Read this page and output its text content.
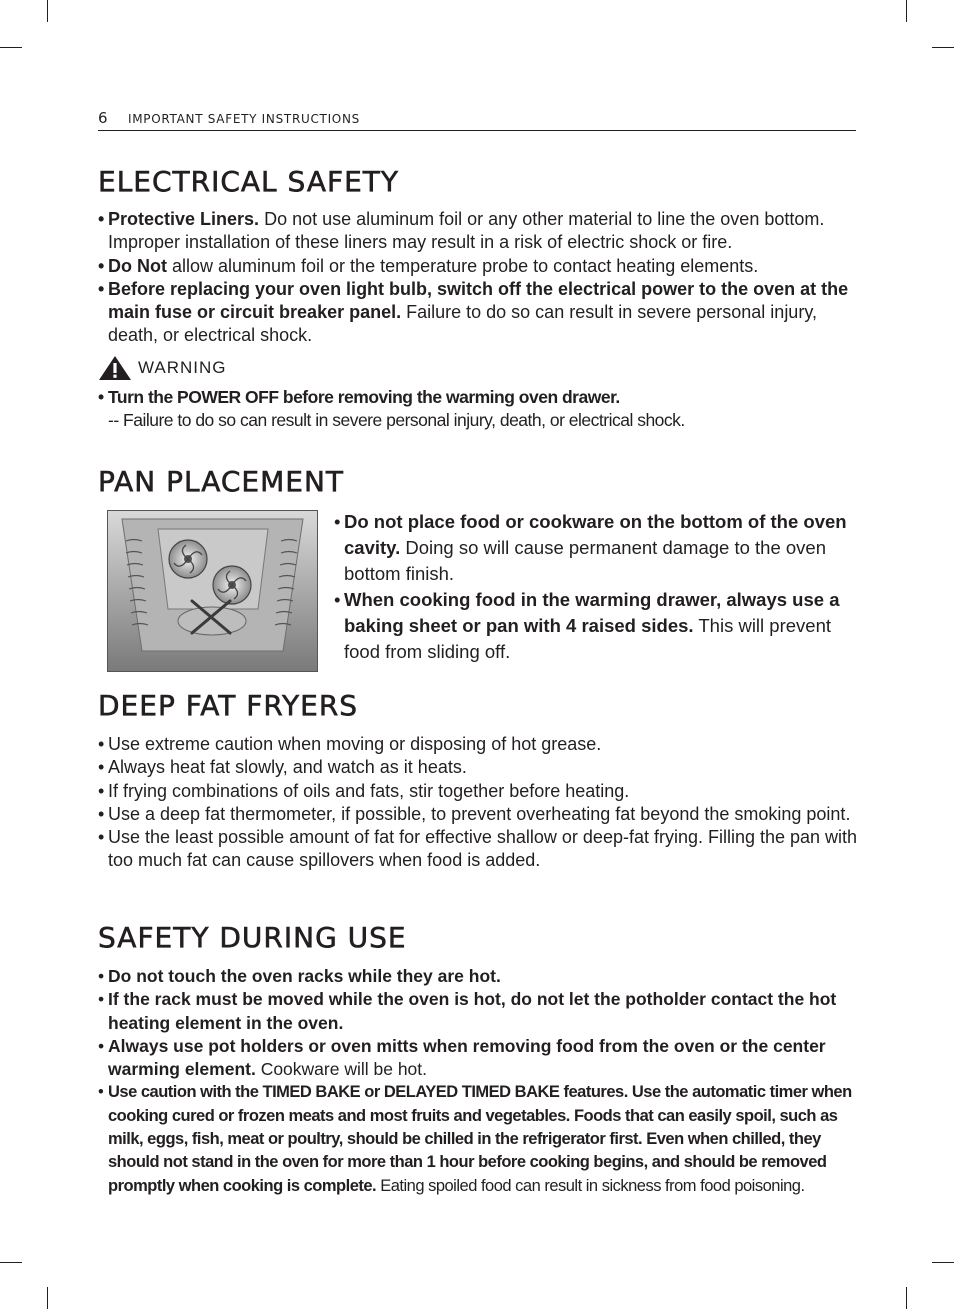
6 IMPORTANT SAFETY INSTRUCTIONS
ELECTRICAL SAFETY
• Protective Liners. Do not use aluminum foil or any other material to line the oven bottom. Improper installation of these liners may result in a risk of electric shock or fire.
• Do Not allow aluminum foil or the temperature probe to contact heating elements.
• Before replacing your oven light bulb, switch off the electrical power to the oven at the main fuse or circuit breaker panel. Failure to do so can result in severe personal injury, death, or electrical shock.
WARNING
• Turn the POWER OFF before removing the warming oven drawer.
-- Failure to do so can result in severe personal injury, death, or electrical shock.
PAN PLACEMENT
• Do not place food or cookware on the bottom of the oven cavity. Doing so will cause permanent damage to the oven bottom finish.
• When cooking food in the warming drawer, always use a baking sheet or pan with 4 raised sides. This will prevent food from sliding off.
DEEP FAT FRYERS
• Use extreme caution when moving or disposing of hot grease.
• Always heat fat slowly, and watch as it heats.
• If frying combinations of oils and fats, stir together before heating.
• Use a deep fat thermometer, if possible, to prevent overheating fat beyond the smoking point.
• Use the least possible amount of fat for effective shallow or deep-fat frying. Filling the pan with too much fat can cause spillovers when food is added.
SAFETY DURING USE
• Do not touch the oven racks while they are hot.
• If the rack must be moved while the oven is hot, do not let the potholder contact the hot heating element in the oven.
• Always use pot holders or oven mitts when removing food from the oven or the center warming element. Cookware will be hot.
• Use caution with the TIMED BAKE or DELAYED TIMED BAKE features. Use the automatic timer when cooking cured or frozen meats and most fruits and vegetables. Foods that can easily spoil, such as milk, eggs, fish, meat or poultry, should be chilled in the refrigerator first. Even when chilled, they should not stand in the oven for more than 1 hour before cooking begins, and should be removed promptly when cooking is complete. Eating spoiled food can result in sickness from food poisoning.
